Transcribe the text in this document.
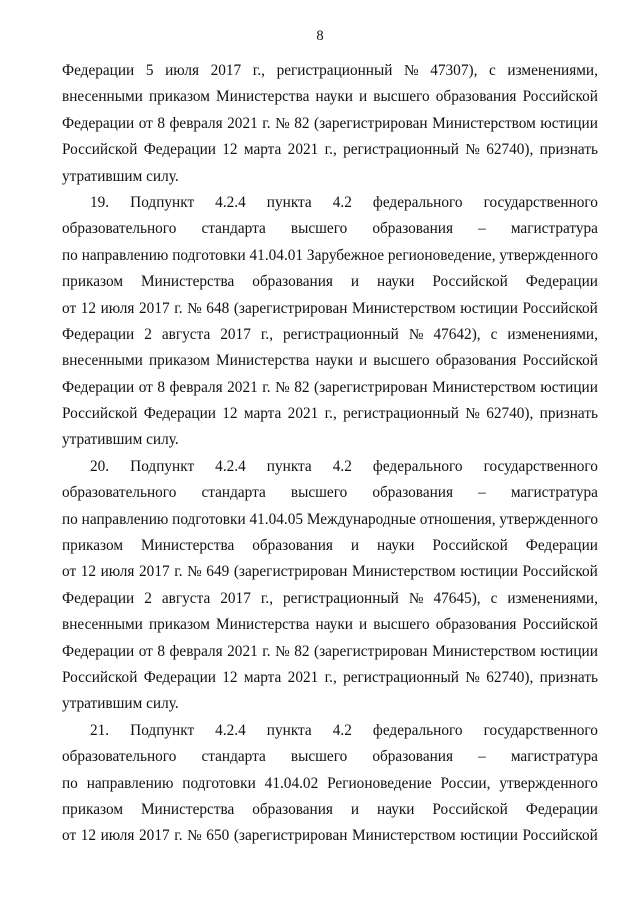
8
Федерации 5 июля 2017 г., регистрационный № 47307), с изменениями,
внесенными приказом Министерства науки и высшего образования Российской
Федерации от 8 февраля 2021 г. № 82 (зарегистрирован Министерством юстиции
Российской Федерации 12 марта 2021 г., регистрационный № 62740), признать
утратившим силу.
19. Подпункт 4.2.4 пункта 4.2 федерального государственного
образовательного стандарта высшего образования – магистратура
по направлению подготовки 41.04.01 Зарубежное регионоведение, утвержденного
приказом Министерства образования и науки Российской Федерации
от 12 июля 2017 г. № 648 (зарегистрирован Министерством юстиции Российской
Федерации 2 августа 2017 г., регистрационный № 47642), с изменениями,
внесенными приказом Министерства науки и высшего образования Российской
Федерации от 8 февраля 2021 г. № 82 (зарегистрирован Министерством юстиции
Российской Федерации 12 марта 2021 г., регистрационный № 62740), признать
утратившим силу.
20. Подпункт 4.2.4 пункта 4.2 федерального государственного
образовательного стандарта высшего образования – магистратура
по направлению подготовки 41.04.05 Международные отношения, утвержденного
приказом Министерства образования и науки Российской Федерации
от 12 июля 2017 г. № 649 (зарегистрирован Министерством юстиции Российской
Федерации 2 августа 2017 г., регистрационный № 47645), с изменениями,
внесенными приказом Министерства науки и высшего образования Российской
Федерации от 8 февраля 2021 г. № 82 (зарегистрирован Министерством юстиции
Российской Федерации 12 марта 2021 г., регистрационный № 62740), признать
утратившим силу.
21. Подпункт 4.2.4 пункта 4.2 федерального государственного
образовательного стандарта высшего образования – магистратура
по направлению подготовки 41.04.02 Регионоведение России, утвержденного
приказом Министерства образования и науки Российской Федерации
от 12 июля 2017 г. № 650 (зарегистрирован Министерством юстиции Российской
